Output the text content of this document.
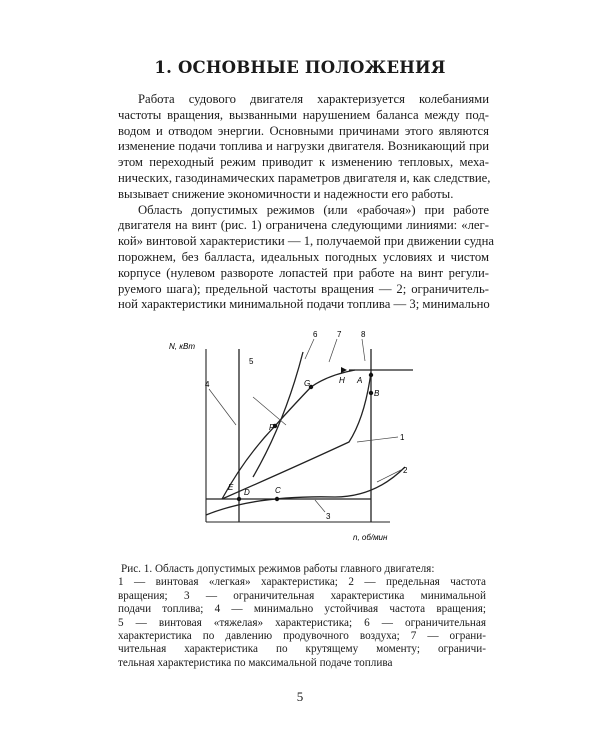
1. ОСНОВНЫЕ ПОЛОЖЕНИЯ
Работа судового двигателя характеризуется колебаниями
частоты вращения, вызванными нарушением баланса между под-
водом и отводом энергии. Основными причинами этого являются
изменение подачи топлива и нагрузки двигателя. Возникающий при
этом переходный режим приводит к изменению тепловых, меха-
нических, газодинамических параметров двигателя и, как следствие,
вызывает снижение экономичности и надежности его работы.
Область допустимых режимов (или «рабочая») при работе
двигателя на винт (рис. 1) ограничена следующими линиями: «лег-
кой» винтовой характеристики — 1, получаемой при движении судна
порожнем, без балласта, идеальных погодных условиях и чистом
корпусе (нулевом развороте лопастей при работе на винт регули-
руемого шага); предельной частоты вращения — 2; ограничитель-
ной характеристики минимальной подачи топлива — 3; минимально
N, кВт
n, об/мин
1
2
3
4
5
6 7 8
A
B
C
D
E
F
G	H
Рис. 1. Область допустимых режимов работы главного двигателя:
1 — винтовая «легкая» характеристика; 2 — предельная частота
вращения; 3 — ограничительная характеристика минимальной
подачи топлива; 4 — минимально устойчивая частота вращения;
5 — винтовая «тяжелая» характеристика; 6 — ограничительная
характеристика по давлению продувочного воздуха; 7 — ограни-
чительная характеристика по крутящему моменту; ограничи-
тельная характеристика по максимальной подаче топлива
5
